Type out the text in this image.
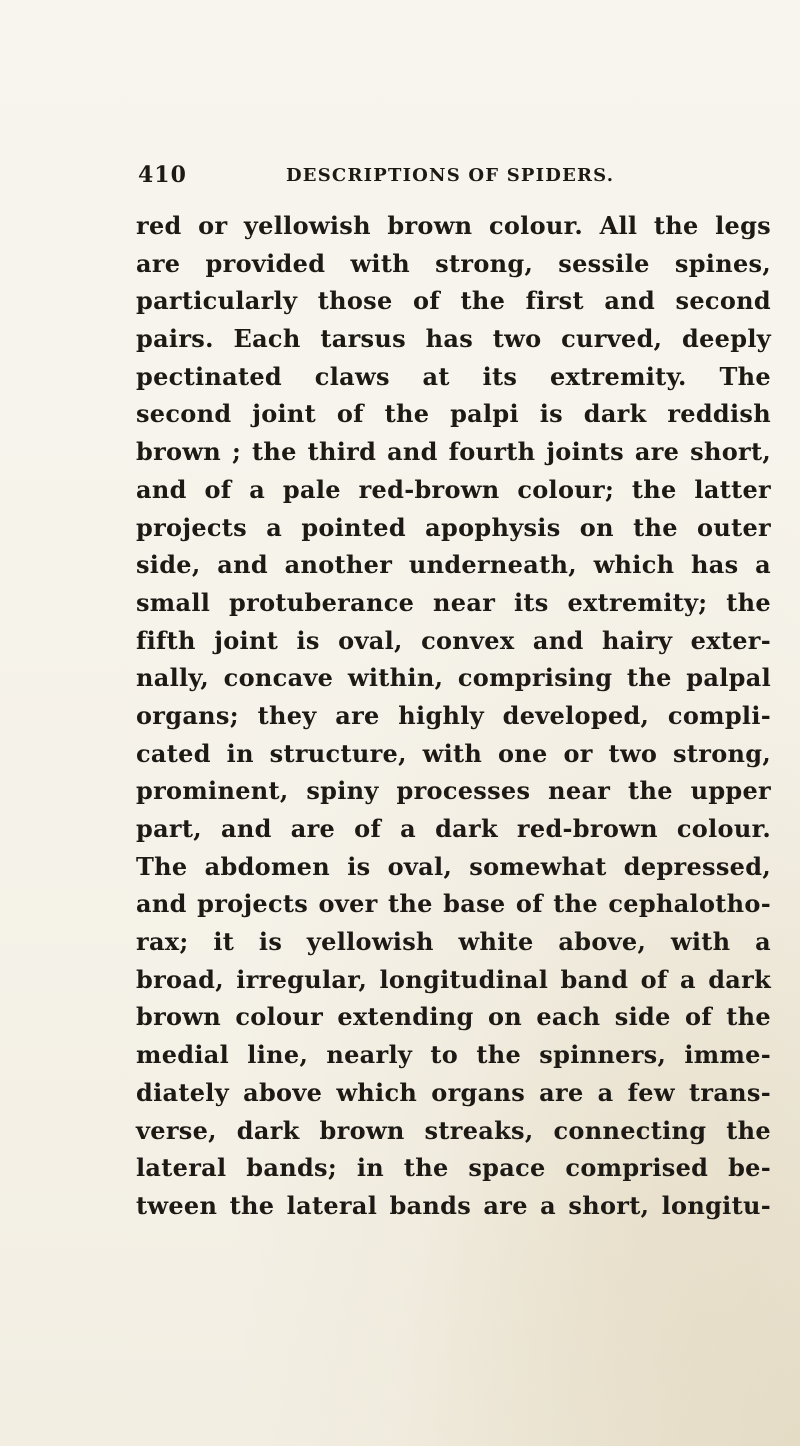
410	DESCRIPTIONS OF SPIDERS.
red or yellowish brown colour. All the legs
are provided with strong, sessile spines,
particularly those of the first and second
pairs. Each tarsus has two curved, deeply
pectinated claws at its extremity. The
second joint of the palpi is dark reddish
brown ; the third and fourth joints are short,
and of a pale red-brown colour; the latter
projects a pointed apophysis on the outer
side, and another underneath, which has a
small protuberance near its extremity; the
fifth joint is oval, convex and hairy exter-
nally, concave within, comprising the palpal
organs; they are highly developed, compli-
cated in structure, with one or two strong,
prominent, spiny processes near the upper
part, and are of a dark red-brown colour.
The abdomen is oval, somewhat depressed,
and projects over the base of the cephalotho-
rax; it is yellowish white above, with a
broad, irregular, longitudinal band of a dark
brown colour extending on each side of the
medial line, nearly to the spinners, imme-
diately above which organs are a few trans-
verse, dark brown streaks, connecting the
lateral bands; in the space comprised be-
tween the lateral bands are a short, longitu-
